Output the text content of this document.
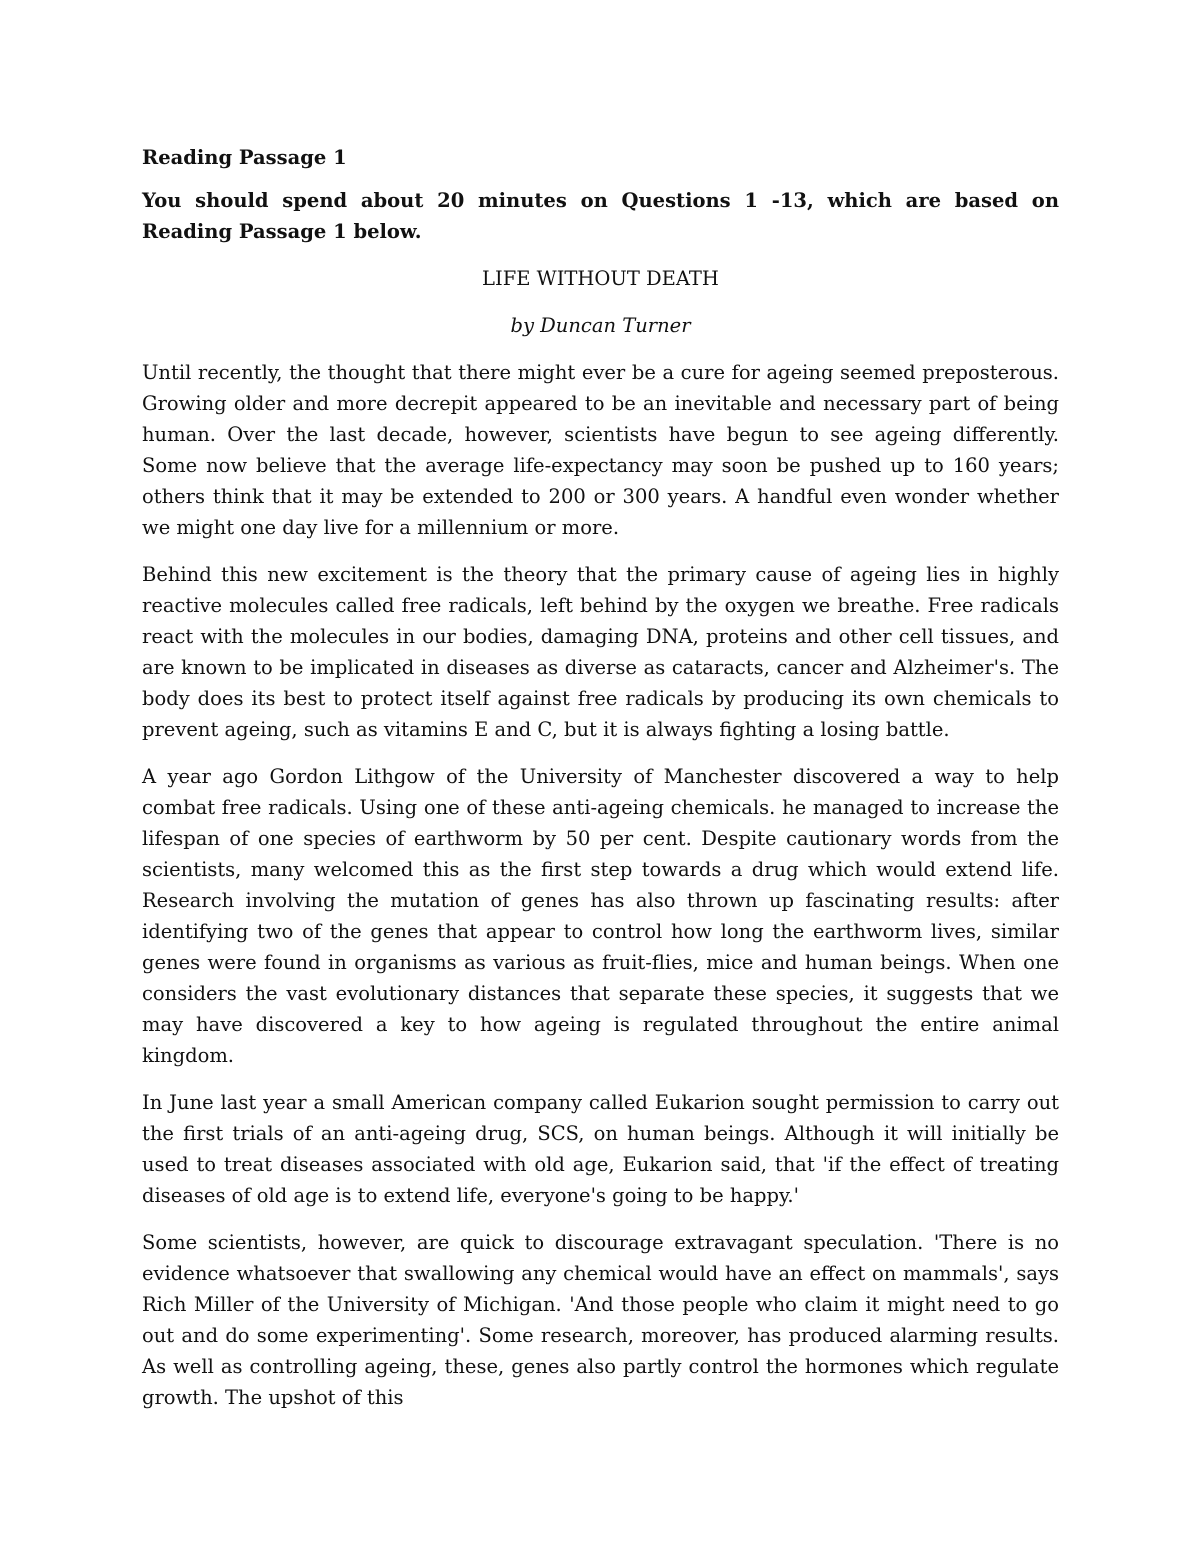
Reading Passage 1

You should spend about 20 minutes on Questions 1 -13, which are based on Reading Passage 1 below.

LIFE WITHOUT DEATH

by Duncan Turner

Until recently, the thought that there might ever be a cure for ageing seemed preposterous. Growing older and more decrepit appeared to be an inevitable and necessary part of being human. Over the last decade, however, scientists have begun to see ageing differently. Some now believe that the average life-expectancy may soon be pushed up to 160 years; others think that it may be extended to 200 or 300 years. A handful even wonder whether we might one day live for a millennium or more.

Behind this new excitement is the theory that the primary cause of ageing lies in highly reactive molecules called free radicals, left behind by the oxygen we breathe. Free radicals react with the molecules in our bodies, damaging DNA, proteins and other cell tissues, and are known to be implicated in diseases as diverse as cataracts, cancer and Alzheimer's. The body does its best to protect itself against free radicals by producing its own chemicals to prevent ageing, such as vitamins E and C, but it is always fighting a losing battle.

A year ago Gordon Lithgow of the University of Manchester discovered a way to help combat free radicals. Using one of these anti-ageing chemicals. he managed to increase the lifespan of one species of earthworm by 50 per cent. Despite cautionary words from the scientists, many welcomed this as the first step towards a drug which would extend life. Research involving the mutation of genes has also thrown up fascinating results: after identifying two of the genes that appear to control how long the earthworm lives, similar genes were found in organisms as various as fruit-flies, mice and human beings. When one considers the vast evolutionary distances that separate these species, it suggests that we may have discovered a key to how ageing is regulated throughout the entire animal kingdom.

In June last year a small American company called Eukarion sought permission to carry out the first trials of an anti-ageing drug, SCS, on human beings. Although it will initially be used to treat diseases associated with old age, Eukarion said, that 'if the effect of treating diseases of old age is to extend life, everyone's going to be happy.'

Some scientists, however, are quick to discourage extravagant speculation. 'There is no evidence whatsoever that swallowing any chemical would have an effect on mammals', says Rich Miller of the University of Michigan. 'And those people who claim it might need to go out and do some experimenting'. Some research, moreover, has produced alarming results. As well as controlling ageing, these, genes also partly control the hormones which regulate growth. The upshot of this
